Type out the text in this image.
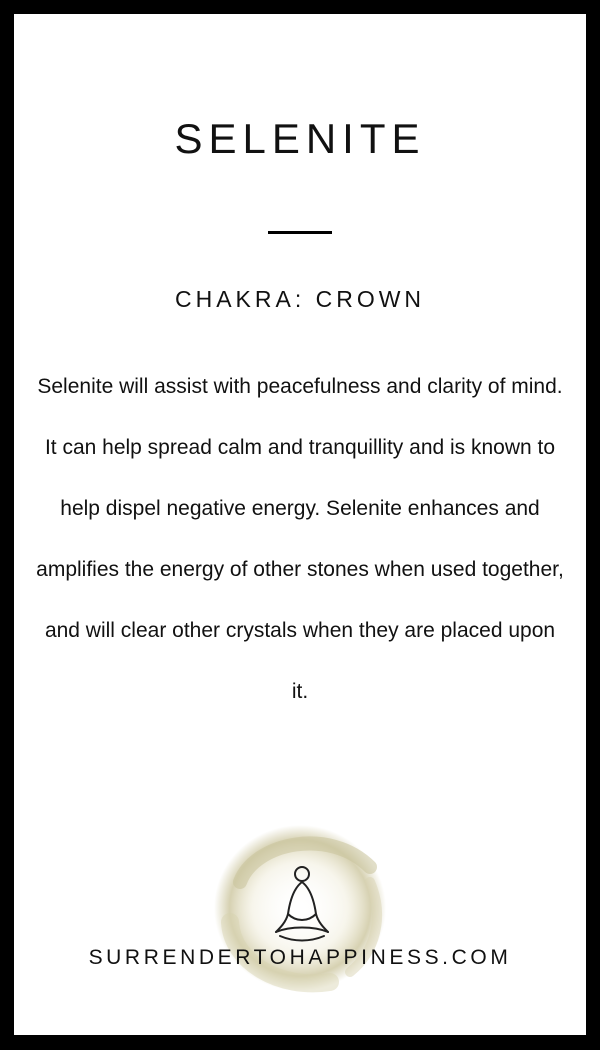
SELENITE
CHAKRA: CROWN
Selenite will assist with peacefulness and clarity of mind. It can help spread calm and tranquillity and is known to help dispel negative energy. Selenite enhances and amplifies the energy of other stones when used together, and will clear other crystals when they are placed upon it.
SURRENDERTOHAPPINESS.COM
